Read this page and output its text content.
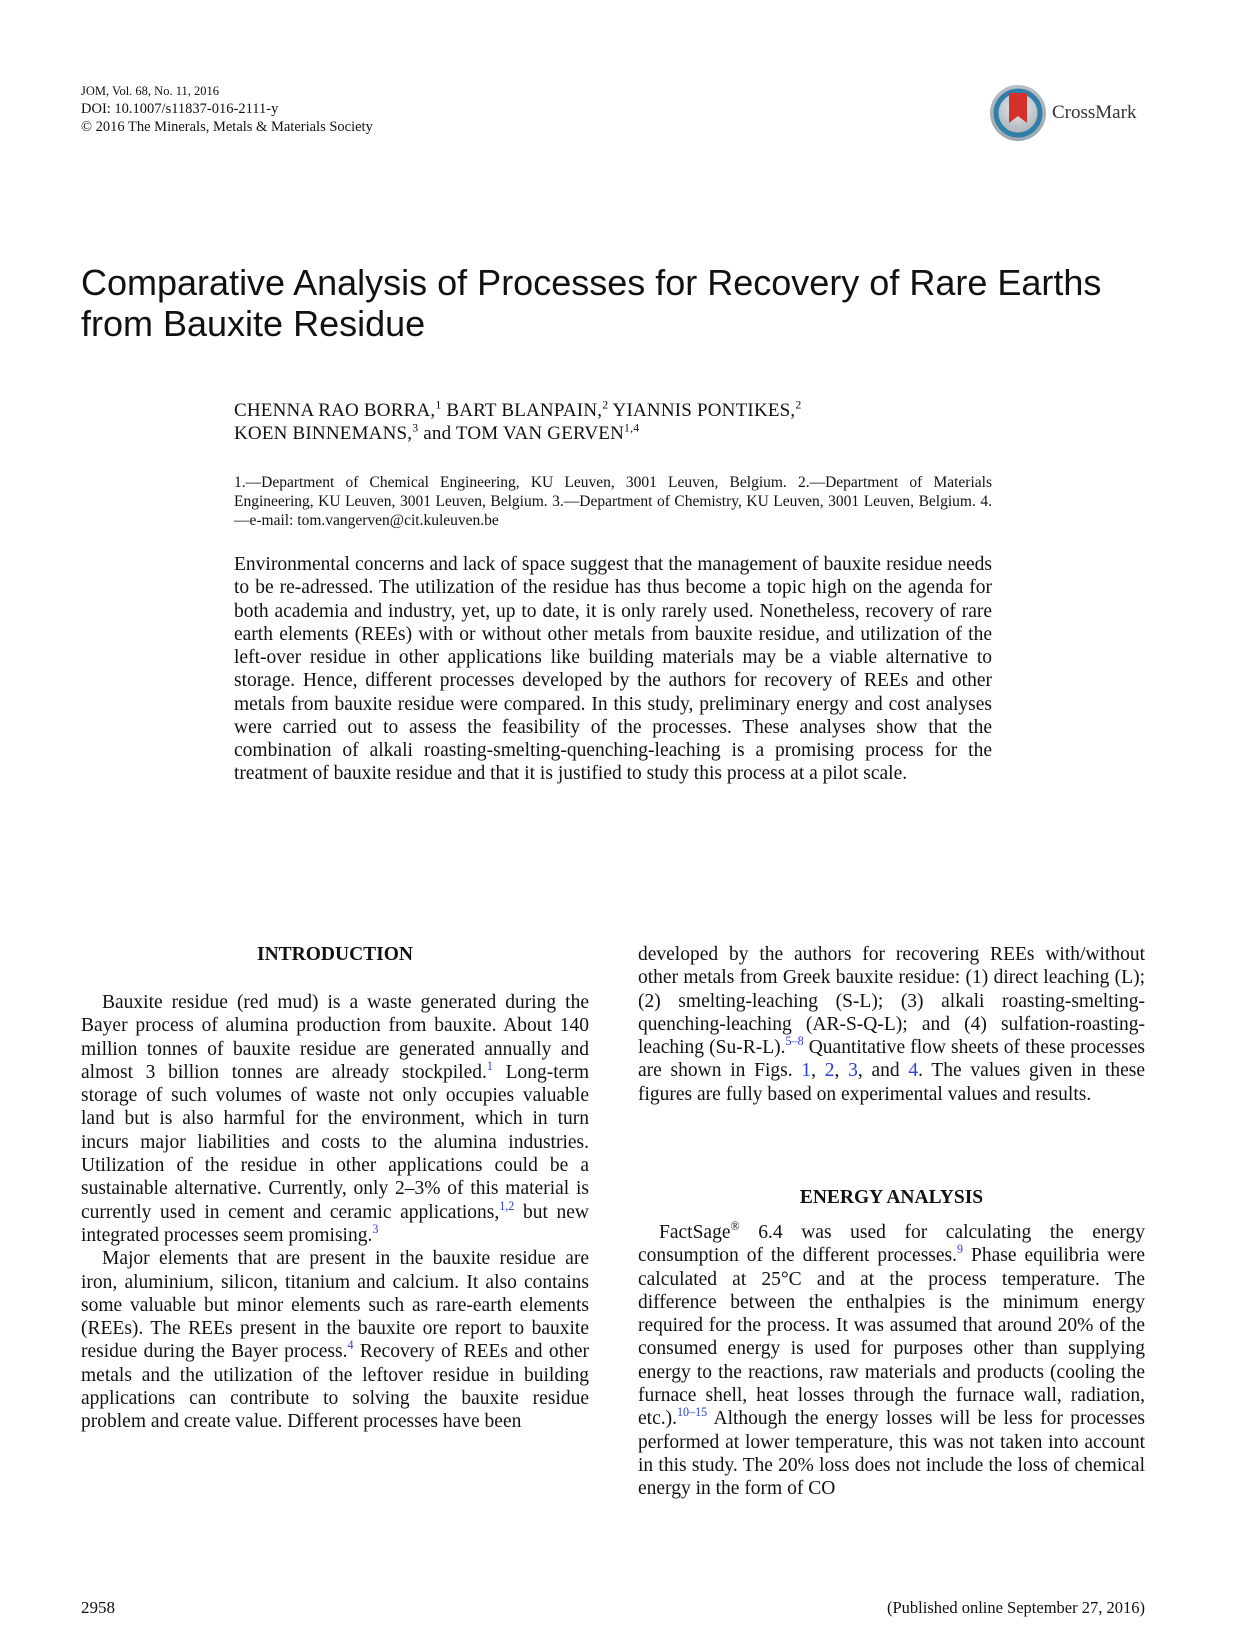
JOM, Vol. 68, No. 11, 2016
DOI: 10.1007/s11837-016-2111-y
© 2016 The Minerals, Metals & Materials Society
CrossMark
Comparative Analysis of Processes for Recovery of Rare Earths
from Bauxite Residue
CHENNA RAO BORRA,$^1$ BART BLANPAIN,$^2$ YIANNIS PONTIKES,$^2$
KOEN BINNEMANS,$^3$ and TOM VAN GERVEN$^{1,4}$
1.—Department of Chemical Engineering, KU Leuven, 3001 Leuven, Belgium. 2.—Department of Materials Engineering, KU Leuven, 3001 Leuven, Belgium. 3.—Department of Chemistry, KU Leuven, 3001 Leuven, Belgium. 4.—e-mail: tom.vangerven@cit.kuleuven.be
Environmental concerns and lack of space suggest that the management of bauxite residue needs to be re-adressed. The utilization of the residue has thus become a topic high on the agenda for both academia and industry, yet, up to date, it is only rarely used. Nonetheless, recovery of rare earth elements (REEs) with or without other metals from bauxite residue, and utilization of the left-over residue in other applications like building materials may be a viable alternative to storage. Hence, different processes developed by the authors for recovery of REEs and other metals from bauxite residue were compared. In this study, preliminary energy and cost analyses were carried out to assess the feasibility of the processes. These analyses show that the combination of alkali roasting-smelting-quenching-leaching is a promising process for the treatment of bauxite residue and that it is justified to study this process at a pilot scale.
INTRODUCTION

Bauxite residue (red mud) is a waste generated during the Bayer process of alumina production from bauxite. About 140 million tonnes of bauxite residue are generated annually and almost 3 billion tonnes are already stockpiled.$^1$ Long-term storage of such volumes of waste not only occupies valuable land but is also harmful for the environment, which in turn incurs major liabilities and costs to the alumina industries. Utilization of the residue in other applications could be a sustainable alternative. Currently, only 2–3% of this material is currently used in cement and ceramic applications,$^{1,2}$ but new integrated processes seem promising.$^3$

Major elements that are present in the bauxite residue are iron, aluminium, silicon, titanium and calcium. It also contains some valuable but minor elements such as rare-earth elements (REEs). The REEs present in the bauxite ore report to bauxite residue during the Bayer process.$^4$ Recovery of REEs and other metals and the utilization of the leftover residue in building applications can contribute to solving the bauxite residue problem and create value. Different processes have been

developed by the authors for recovering REEs with/without other metals from Greek bauxite residue: (1) direct leaching (L); (2) smelting-leaching (S-L); (3) alkali roasting-smelting-quenching-leaching (AR-S-Q-L); and (4) sulfation-roasting-leaching (Su-R-L).$^{5-8}$ Quantitative flow sheets of these processes are shown in Figs. 1, 2, 3, and 4. The values given in these figures are fully based on experimental values and results.

ENERGY ANALYSIS

FactSage® 6.4 was used for calculating the energy consumption of the different processes.$^9$ Phase equilibria were calculated at 25°C and at the process temperature. The difference between the enthalpies is the minimum energy required for the process. It was assumed that around 20% of the consumed energy is used for purposes other than supplying energy to the reactions, raw materials and products (cooling the furnace shell, heat losses through the furnace wall, radiation, etc.).$^{10-15}$ Although the energy losses will be less for processes performed at lower temperature, this was not taken into account in this study. The 20% loss does not include the loss of chemical energy in the form of CO

2958	(Published online September 27, 2016)
